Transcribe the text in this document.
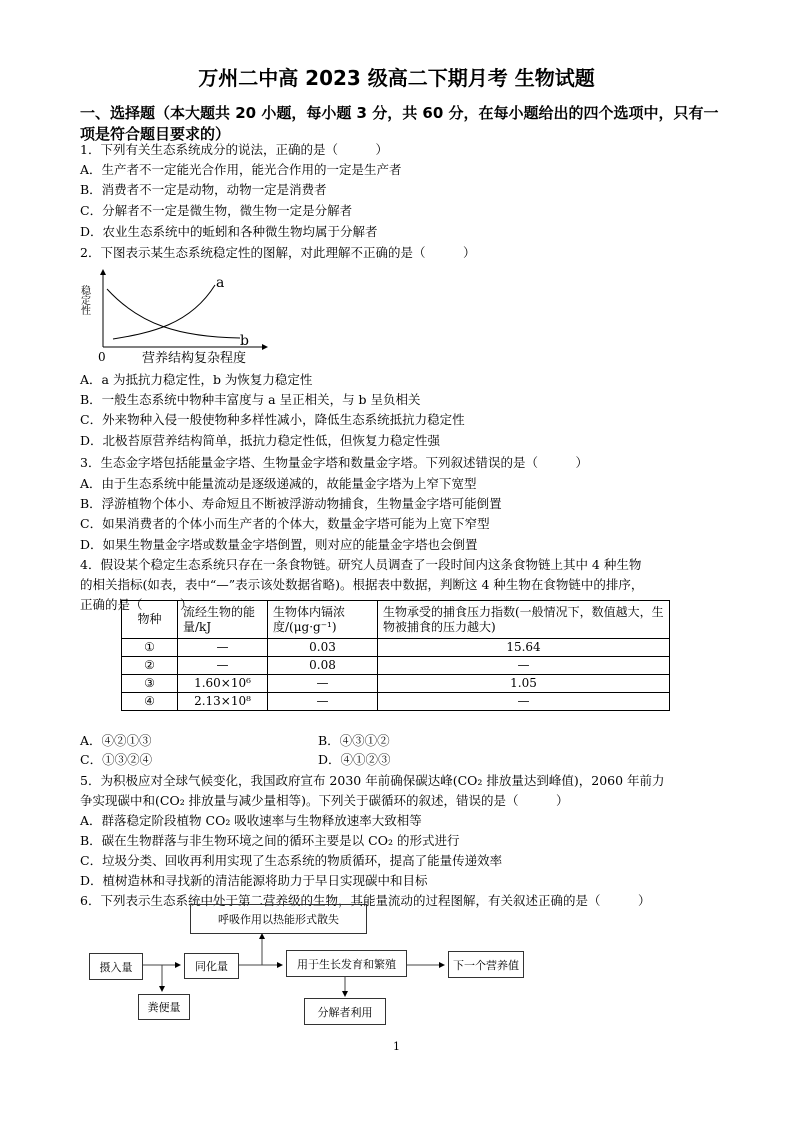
万州二中高 2023 级高二下期月考 生物试题
一、选择题（本大题共 20 小题，每小题 3 分，共 60 分，在每小题给出的四个选项中，只有一项是符合题目要求的）
1．下列有关生态系统成分的说法，正确的是（　　　）
A．生产者不一定能光合作用，能光合作用的一定是生产者
B．消费者不一定是动物，动物一定是消费者
C．分解者不一定是微生物，微生物一定是分解者
D．农业生态系统中的蚯蚓和各种微生物均属于分解者
2．下图表示某生态系统稳定性的图解，对此理解不正确的是（　　　）
a
b
0	营养结构复杂程度
稳定性
A．a 为抵抗力稳定性，b 为恢复力稳定性
B．一般生态系统中物种丰富度与 a 呈正相关，与 b 呈负相关
C．外来物种入侵一般使物种多样性减小，降低生态系统抵抗力稳定性
D．北极苔原营养结构简单，抵抗力稳定性低，但恢复力稳定性强
3．生态金字塔包括能量金字塔、生物量金字塔和数量金字塔。下列叙述错误的是（　　　）
A．由于生态系统中能量流动是逐级递减的，故能量金字塔为上窄下宽型
B．浮游植物个体小、寿命短且不断被浮游动物捕食，生物量金字塔可能倒置
C．如果消费者的个体小而生产者的个体大，数量金字塔可能为上宽下窄型
D．如果生物量金字塔或数量金字塔倒置，则对应的能量金字塔也会倒置
4．假设某个稳定生态系统只存在一条食物链。研究人员调查了一段时间内这条食物链上其中 4 种生物
的相关指标(如表，表中“—”表示该处数据省略)。根据表中数据，判断这 4 种生物在食物链中的排序，
正确的是（　　　）
物种	流经生物的能量/kJ	生物体内镉浓度/(μg·g⁻¹)	生物承受的捕食压力指数(一般情况下，数值越大，生物被捕食的压力越大)
①	—	0.03	15.64
②	—	0.08	—
③	1.60×10⁶	—	1.05
④	2.13×10⁸	—	—
A．④②①③	B．④③①②
C．①③②④	D．④①②③
5．为积极应对全球气候变化，我国政府宣布 2030 年前确保碳达峰(CO₂ 排放量达到峰值)，2060 年前力
争实现碳中和(CO₂ 排放量与减少量相等)。下列关于碳循环的叙述，错误的是（　　　）
A．群落稳定阶段植物 CO₂ 吸收速率与生物释放速率大致相等
B．碳在生物群落与非生物环境之间的循环主要是以 CO₂ 的形式进行
C．垃圾分类、回收再利用实现了生态系统的物质循环，提高了能量传递效率
D．植树造林和寻找新的清洁能源将助力于早日实现碳中和目标
6．下列表示生态系统中处于第二营养级的生物，其能量流动的过程图解，有关叙述正确的是（　　　）
呼吸作用以热能形式散失
摄入量	同化量	用于生长发育和繁殖	下一个营养值
粪便量	分解者利用
1
